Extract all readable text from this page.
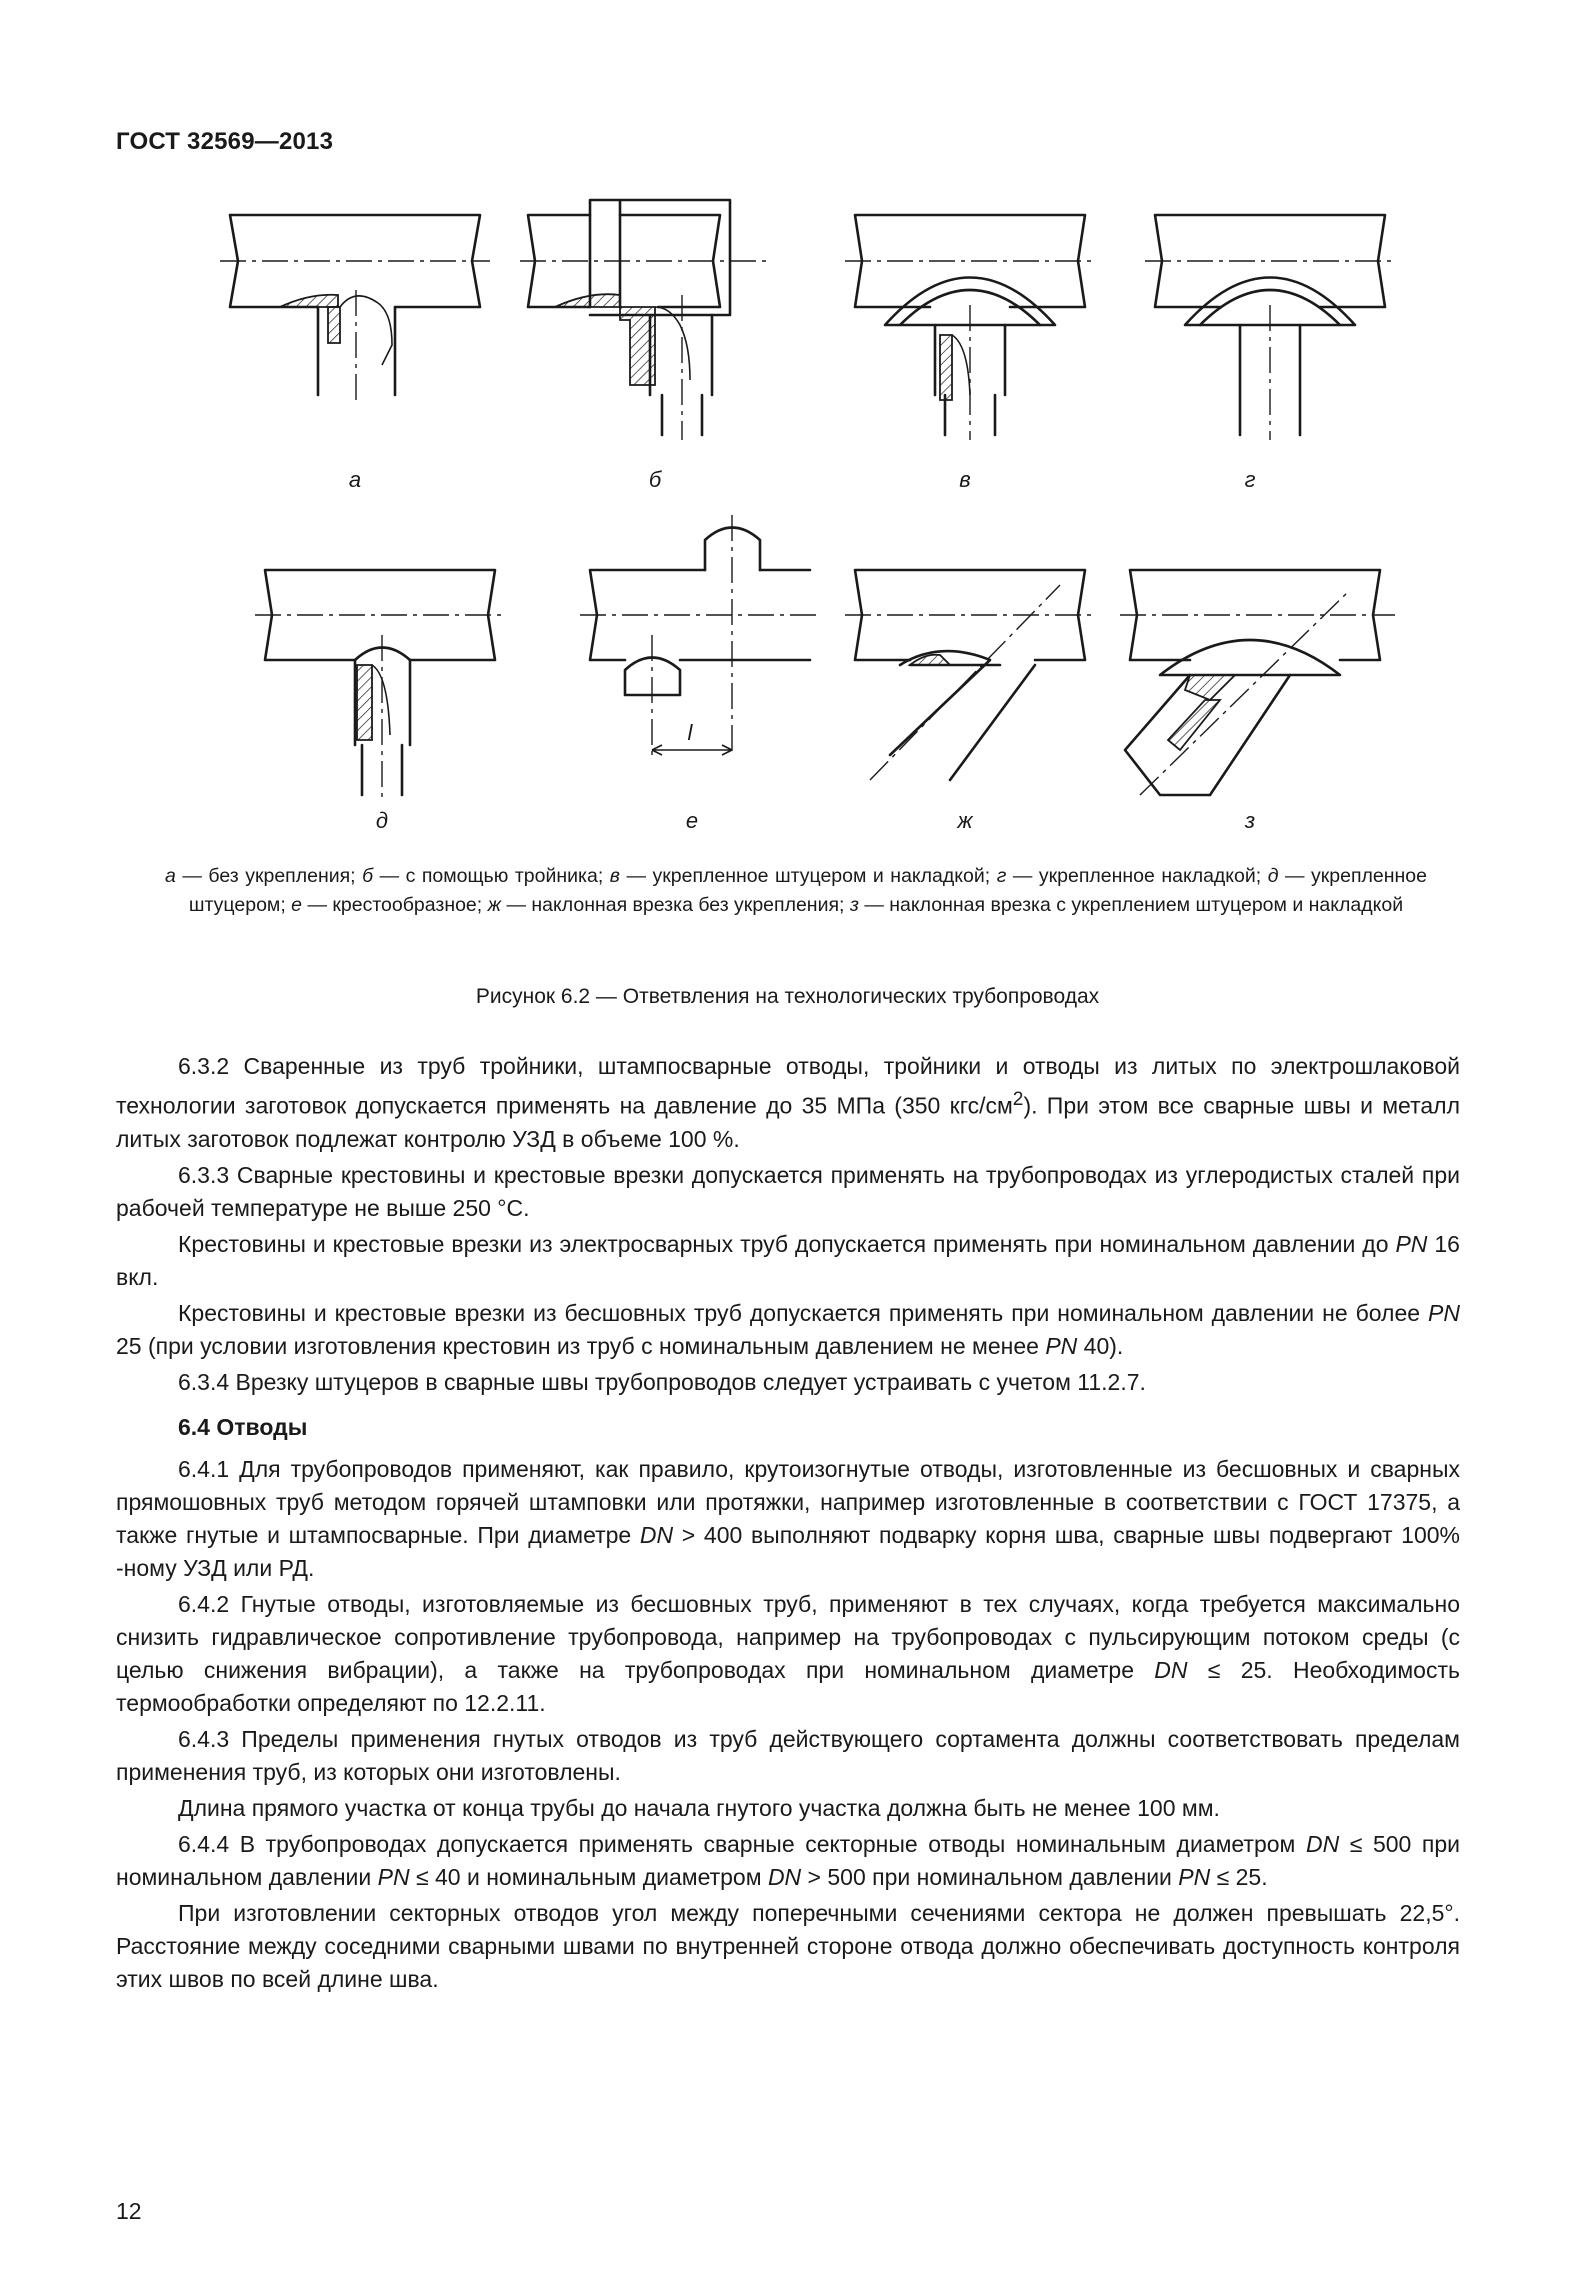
ГОСТ 32569—2013
а	б	в	г
l
д	е	ж	з
а — без укрепления; б — с помощью тройника; в — укрепленное штуцером и накладкой; г — укрепленное накладкой; д — укрепленное штуцером; е — крестообразное; ж — наклонная врезка без укрепления; з — наклонная врезка с укреплением штуцером и накладкой
Рисунок 6.2 — Ответвления на технологических трубопроводах

6.3.2 Сваренные из труб тройники, штампосварные отводы, тройники и отводы из литых по электрошлаковой технологии заготовок допускается применять на давление до 35 МПа (350 кгс/$см^2$). При этом все сварные швы и металл литых заготовок подлежат контролю УЗД в объеме 100 %.

6.3.3 Сварные крестовины и крестовые врезки допускается применять на трубопроводах из углеродистых сталей при рабочей температуре не выше 250 °С.

Крестовины и крестовые врезки из электросварных труб допускается применять при номинальном давлении до PN 16 вкл.

Крестовины и крестовые врезки из бесшовных труб допускается применять при номинальном давлении не более PN 25 (при условии изготовления крестовин из труб с номинальным давлением не менее PN 40).

6.3.4 Врезку штуцеров в сварные швы трубопроводов следует устраивать с учетом 11.2.7.

6.4 Отводы

6.4.1 Для трубопроводов применяют, как правило, крутоизогнутые отводы, изготовленные из бесшовных и сварных прямошовных труб методом горячей штамповки или протяжки, например изготовленные в соответствии с ГОСТ 17375, а также гнутые и штампосварные. При диаметре DN > 400 выполняют подварку корня шва, сварные швы подвергают 100% -ному УЗД или РД.

6.4.2 Гнутые отводы, изготовляемые из бесшовных труб, применяют в тех случаях, когда требуется максимально снизить гидравлическое сопротивление трубопровода, например на трубопроводах с пульсирующим потоком среды (с целью снижения вибрации), а также на трубопроводах при номинальном диаметре DN ≤ 25. Необходимость термообработки определяют по 12.2.11.

6.4.3 Пределы применения гнутых отводов из труб действующего сортамента должны соответствовать пределам применения труб, из которых они изготовлены.

Длина прямого участка от конца трубы до начала гнутого участка должна быть не менее 100 мм.

6.4.4 В трубопроводах допускается применять сварные секторные отводы номинальным диаметром DN ≤ 500 при номинальном давлении PN ≤ 40 и номинальным диаметром DN > 500 при номинальном давлении PN ≤ 25.

При изготовлении секторных отводов угол между поперечными сечениями сектора не должен превышать 22,5°. Расстояние между соседними сварными швами по внутренней стороне отвода должно обеспечивать доступность контроля этих швов по всей длине шва.

12
